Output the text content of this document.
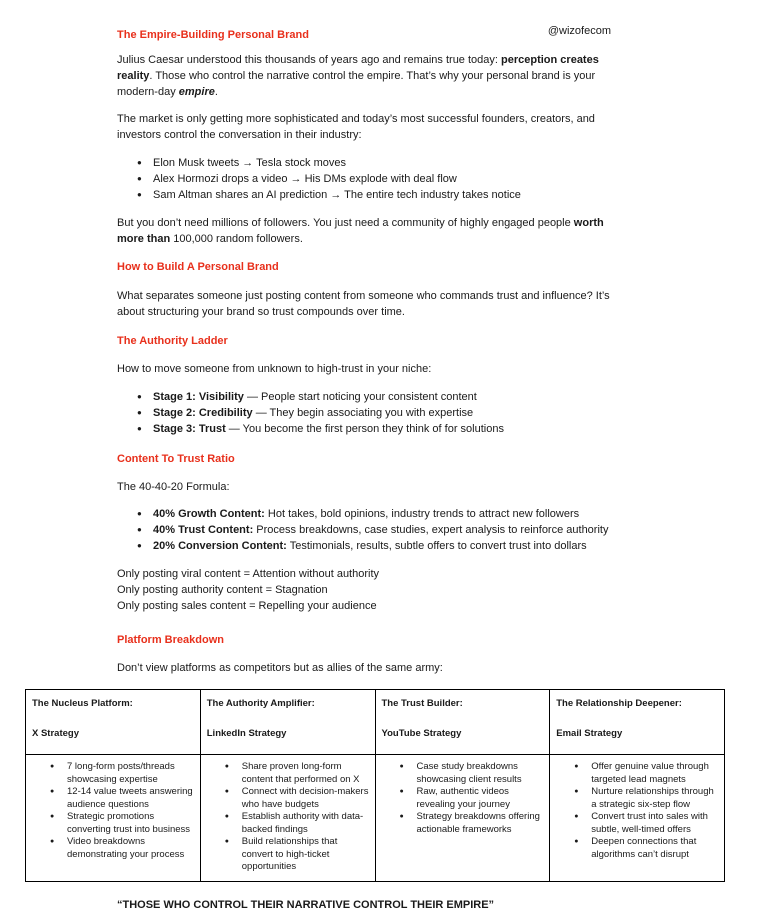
The Empire-Building Personal Brand	@wizofecom
Julius Caesar understood this thousands of years ago and remains true today: perception creates reality. Those who control the narrative control the empire. That’s why your personal brand is your modern-day empire.
The market is only getting more sophisticated and today’s most successful founders, creators, and investors control the conversation in their industry:
● Elon Musk tweets → Tesla stock moves
● Alex Hormozi drops a video → His DMs explode with deal flow
● Sam Altman shares an AI prediction → The entire tech industry takes notice
But you don’t need millions of followers. You just need a community of highly engaged people worth more than 100,000 random followers.
How to Build A Personal Brand
What separates someone just posting content from someone who commands trust and influence? It’s about structuring your brand so trust compounds over time.
The Authority Ladder
How to move someone from unknown to high-trust in your niche:
● Stage 1: Visibility — People start noticing your consistent content
● Stage 2: Credibility — They begin associating you with expertise
● Stage 3: Trust — You become the first person they think of for solutions
Content To Trust Ratio
The 40-40-20 Formula:
● 40% Growth Content: Hot takes, bold opinions, industry trends to attract new followers
● 40% Trust Content: Process breakdowns, case studies, expert analysis to reinforce authority
● 20% Conversion Content: Testimonials, results, subtle offers to convert trust into dollars
Only posting viral content = Attention without authority
Only posting authority content = Stagnation
Only posting sales content = Repelling your audience
Platform Breakdown
Don’t view platforms as competitors but as allies of the same army:
The Nucleus Platform:
X Strategy
The Authority Amplifier:
LinkedIn Strategy
The Trust Builder:
YouTube Strategy
The Relationship Deepener:
Email Strategy
● 7 long-form posts/threads showcasing expertise
● 12-14 value tweets answering audience questions
● Strategic promotions converting trust into business
● Video breakdowns demonstrating your process
● Share proven long-form content that performed on X
● Connect with decision-makers who have budgets
● Establish authority with data-backed findings
● Build relationships that convert to high-ticket opportunities
● Case study breakdowns showcasing client results
● Raw, authentic videos revealing your journey
● Strategy breakdowns offering actionable frameworks
● Offer genuine value through targeted lead magnets
● Nurture relationships through a strategic six-step flow
● Convert trust into sales with subtle, well-timed offers
● Deepen connections that algorithms can’t disrupt
“THOSE WHO CONTROL THEIR NARRATIVE CONTROL THEIR EMPIRE”
